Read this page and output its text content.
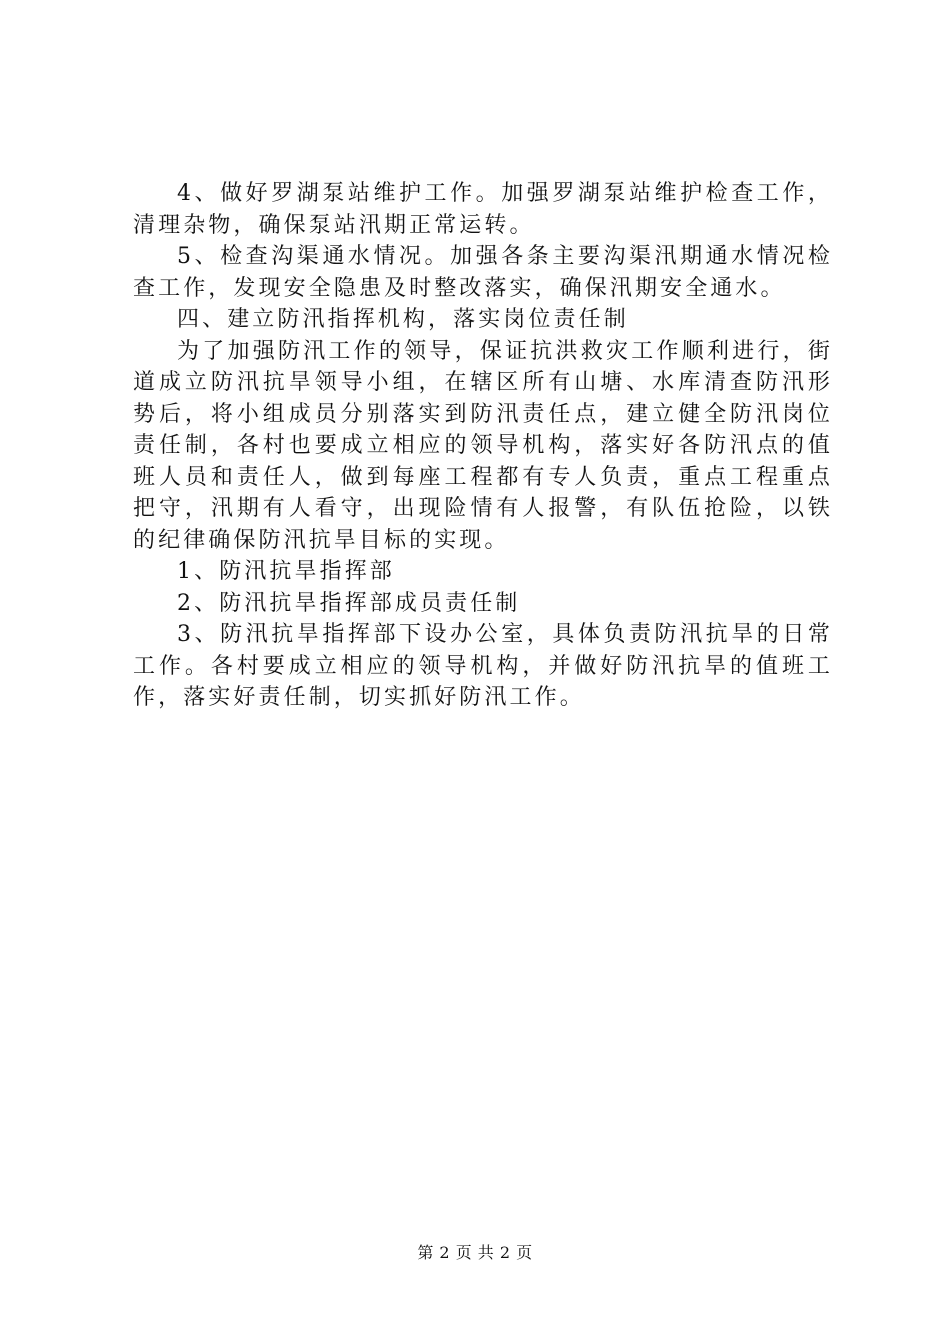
4、做好罗湖泵站维护工作。加强罗湖泵站维护检查工作，清理杂物，确保泵站汛期正常运转。

5、检查沟渠通水情况。加强各条主要沟渠汛期通水情况检查工作，发现安全隐患及时整改落实，确保汛期安全通水。

四、建立防汛指挥机构，落实岗位责任制

为了加强防汛工作的领导，保证抗洪救灾工作顺利进行，街道成立防汛抗旱领导小组，在辖区所有山塘、水库清查防汛形势后，将小组成员分别落实到防汛责任点，建立健全防汛岗位责任制，各村也要成立相应的领导机构，落实好各防汛点的值班人员和责任人，做到每座工程都有专人负责，重点工程重点把守，汛期有人看守，出现险情有人报警，有队伍抢险，以铁的纪律确保防汛抗旱目标的实现。

1、防汛抗旱指挥部

2、防汛抗旱指挥部成员责任制

3、防汛抗旱指挥部下设办公室，具体负责防汛抗旱的日常工作。各村要成立相应的领导机构，并做好防汛抗旱的值班工作，落实好责任制，切实抓好防汛工作。

第 2 页 共 2 页
